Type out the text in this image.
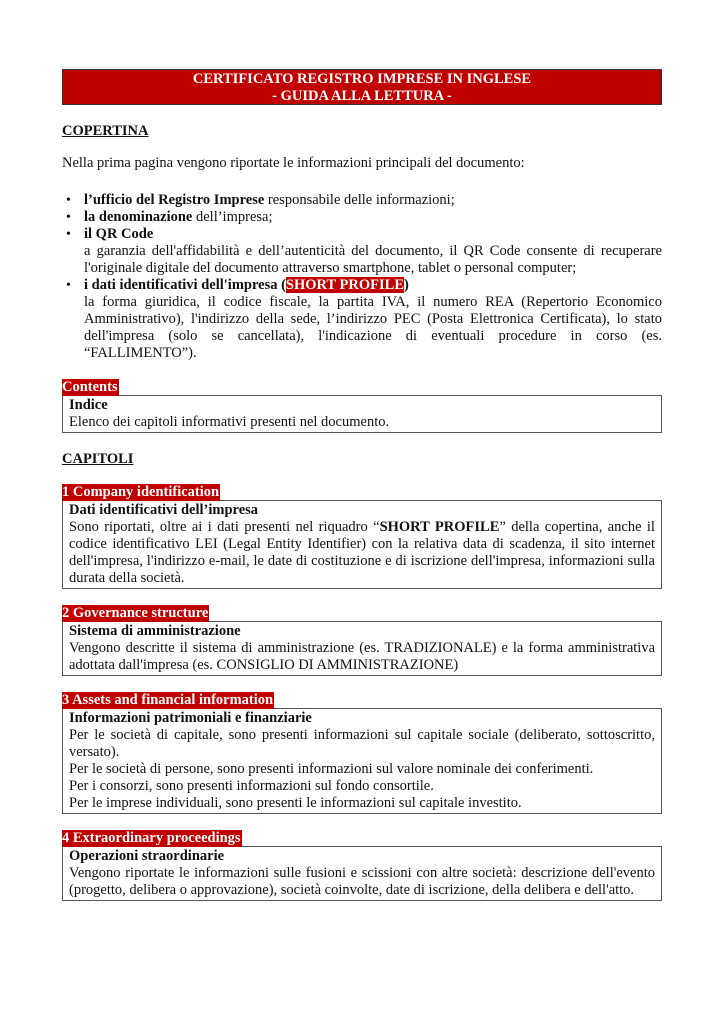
CERTIFICATO REGISTRO IMPRESE IN INGLESE
- GUIDA ALLA LETTURA -
COPERTINA
Nella prima pagina vengono riportate le informazioni principali del documento:
• l’ufficio del Registro Imprese responsabile delle informazioni;
• la denominazione dell’impresa;
• il QR Code
a garanzia dell'affidabilità e dell’autenticità del documento, il QR Code consente di recuperare l'originale digitale del documento attraverso smartphone, tablet o personal computer;
• i dati identificativi dell'impresa (SHORT PROFILE)
la forma giuridica, il codice fiscale, la partita IVA, il numero REA (Repertorio Economico Amministrativo), l'indirizzo della sede, l’indirizzo PEC (Posta Elettronica Certificata), lo stato dell'impresa (solo se cancellata), l'indicazione di eventuali procedure in corso (es. “FALLIMENTO”).
Contents

Indice

Elenco dei capitoli informativi presenti nel documento.

CAPITOLI
1 Company identification

Dati identificativi dell’impresa

Sono riportati, oltre ai i dati presenti nel riquadro “SHORT PROFILE” della copertina, anche il codice identificativo LEI (Legal Entity Identifier) con la relativa data di scadenza, il sito internet dell'impresa, l'indirizzo e-mail, le date di costituzione e di iscrizione dell'impresa, informazioni sulla durata della società.

2 Governance structure

Sistema di amministrazione

Vengono descritte il sistema di amministrazione (es. TRADIZIONALE) e la forma amministrativa adottata dall'impresa (es. CONSIGLIO DI AMMINISTRAZIONE)

3 Assets and financial information

Informazioni patrimoniali e finanziarie

Per le società di capitale, sono presenti informazioni sul capitale sociale (deliberato, sottoscritto, versato).

Per le società di persone, sono presenti informazioni sul valore nominale dei conferimenti.

Per i consorzi, sono presenti informazioni sul fondo consortile.

Per le imprese individuali, sono presenti le informazioni sul capitale investito.

4 Extraordinary proceedings

Operazioni straordinarie

Vengono riportate le informazioni sulle fusioni e scissioni con altre società: descrizione dell'evento (progetto, delibera o approvazione), società coinvolte, date di iscrizione, della delibera e dell'atto.
